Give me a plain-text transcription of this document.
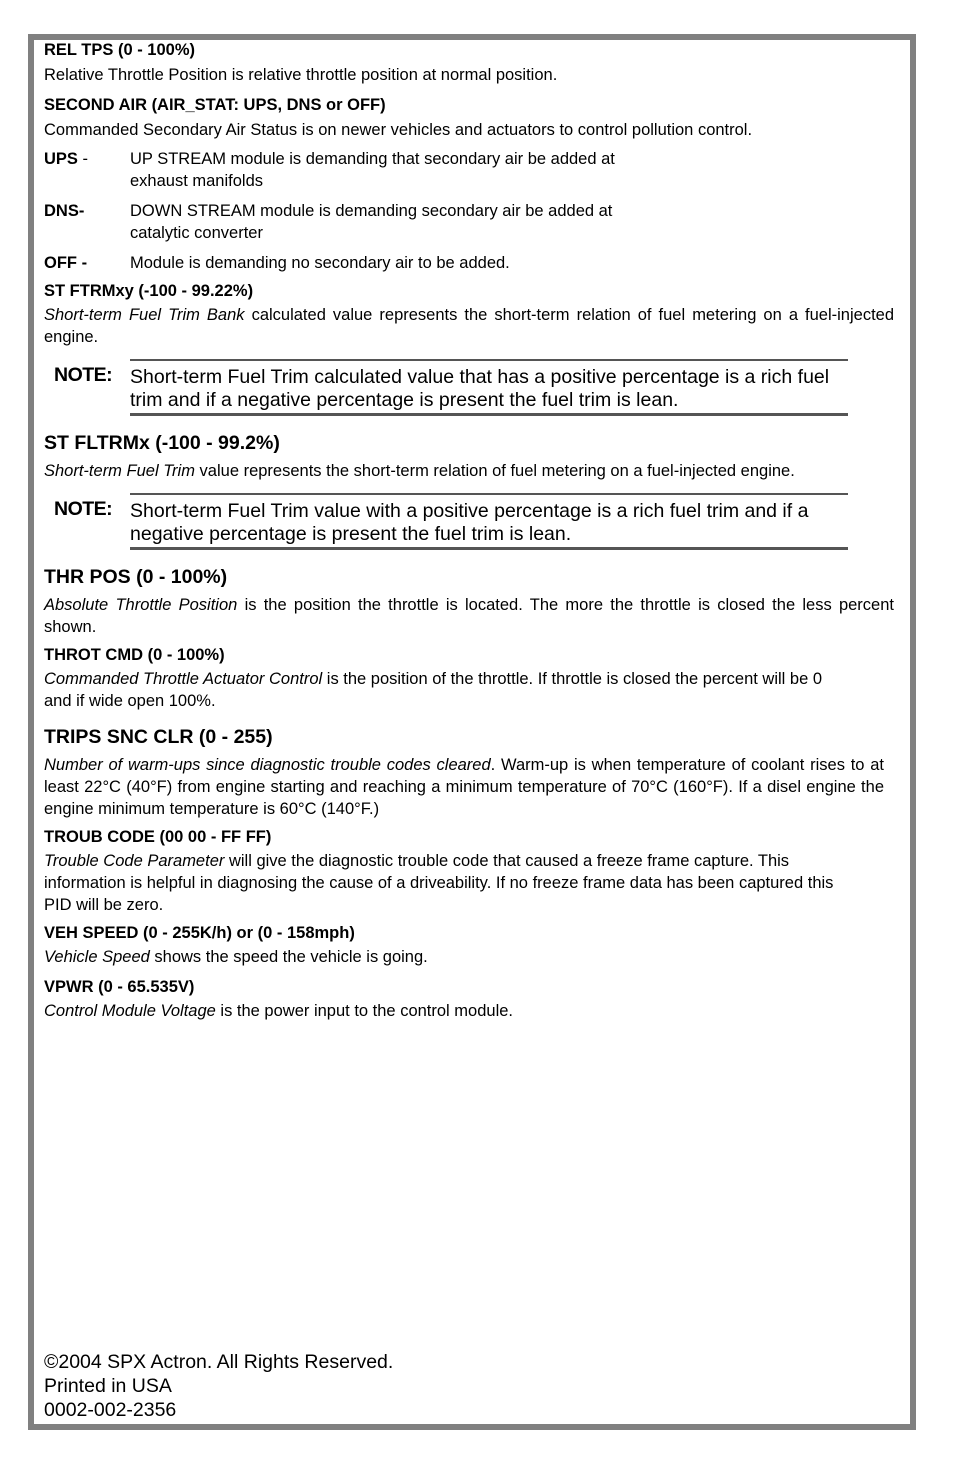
REL TPS (0 - 100%)
Relative Throttle Position is relative throttle position at normal position.
SECOND AIR (AIR_STAT: UPS, DNS or OFF)
Commanded Secondary Air Status is on newer vehicles and actuators to control pollution control.
UPS -	UP STREAM module is demanding that secondary air be added at
exhaust manifolds
DNS-	DOWN STREAM module is demanding secondary air be added at
catalytic converter
OFF -	Module is demanding no secondary air to be added.
ST FTRMxy (-100 - 99.22%)
Short-term Fuel Trim Bank calculated value represents the short-term relation of fuel metering on a fuel-injected engine.
NOTE: Short-term Fuel Trim calculated value that has a positive percentage is a rich fuel trim and if a negative percentage is present the fuel trim is lean.
ST FLTRMx (-100 - 99.2%)
Short-term Fuel Trim value represents the short-term relation of fuel metering on a fuel-injected engine.
NOTE: Short-term Fuel Trim value with a positive percentage is a rich fuel trim and if a negative percentage is present the fuel trim is lean.
THR POS (0 - 100%)
Absolute Throttle Position is the position the throttle is located. The more the throttle is closed the less percent shown.
THROT CMD (0 - 100%)
Commanded Throttle Actuator Control is the position of the throttle. If throttle is closed the percent will be 0 and if wide open 100%.
TRIPS SNC CLR (0 - 255)
Number of warm-ups since diagnostic trouble codes cleared. Warm-up is when temperature of coolant rises to at least 22°C (40°F) from engine starting and reaching a minimum temperature of 70°C (160°F). If a disel engine the engine minimum temperature is 60°C (140°F.)
TROUB CODE (00 00 - FF FF)
Trouble Code Parameter will give the diagnostic trouble code that caused a freeze frame capture. This information is helpful in diagnosing the cause of a driveability. If no freeze frame data has been captured this PID will be zero.
VEH SPEED (0 - 255K/h) or (0 - 158mph)
Vehicle Speed shows the speed the vehicle is going.
VPWR (0 - 65.535V)
Control Module Voltage is the power input to the control module.
©2004 SPX Actron. All Rights Reserved.
Printed in USA
0002-002-2356
